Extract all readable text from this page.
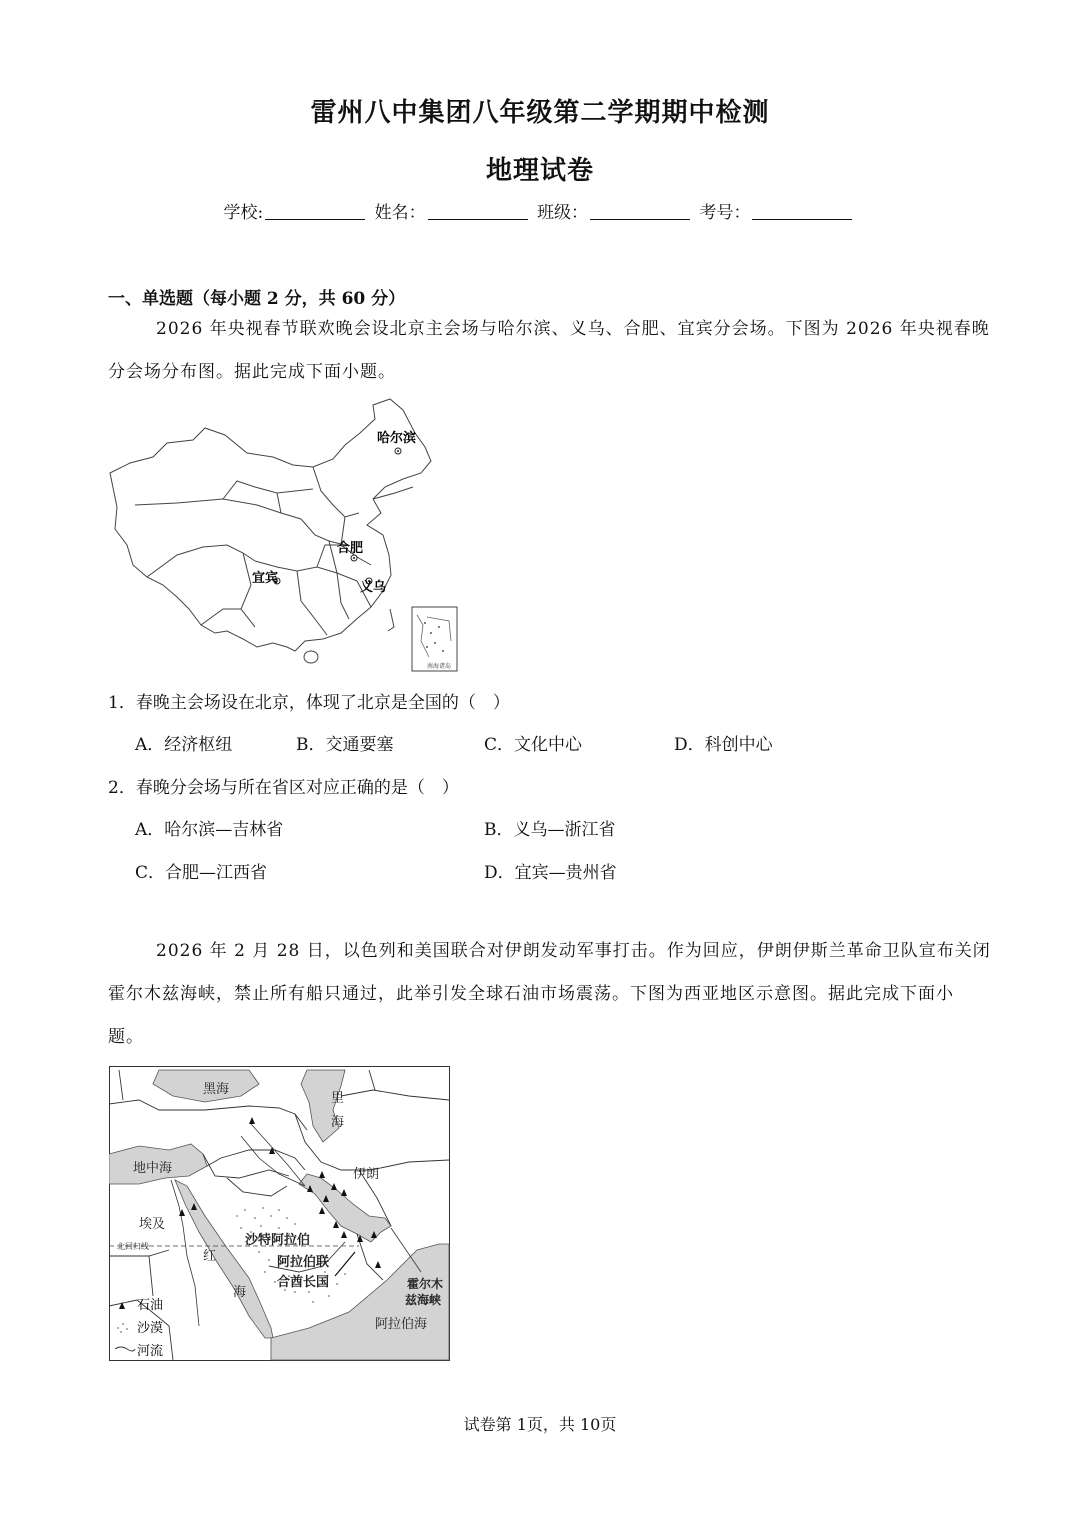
雷州八中集团八年级第二学期期中检测
地理试卷
学校:	姓名：	班级：	考号：
一、单选题（每小题 2 分，共 60 分）
2026 年央视春节联欢晚会设北京主会场与哈尔滨、义乌、合肥、宜宾分会场。下图为 2026 年央视春晚
分会场分布图。据此完成下面小题。
南海诸岛
哈尔滨
合肥
宜宾
义乌
1．春晚主会场设在北京，体现了北京是全国的（　）
A．经济枢纽	B．交通要塞	C．文化中心	D．科创中心
2．春晚分会场与所在省区对应正确的是（　）
A．哈尔滨—吉林省	B．义乌—浙江省
C．合肥—江西省	D．宜宾—贵州省
2026 年 2 月 28 日，以色列和美国联合对伊朗发动军事打击。作为回应，伊朗伊斯兰革命卫队宣布关闭
霍尔木兹海峡，禁止所有船只通过，此举引发全球石油市场震荡。下图为西亚地区示意图。据此完成下面小
题。
黑海
里
海
伊朗
地中海
埃及
北回归线	沙特阿拉伯
红
海
阿拉伯联
合酋长国	霍尔木
兹海峡
阿拉伯海
石油
沙漠
河流
试卷第 1页，共 10页
